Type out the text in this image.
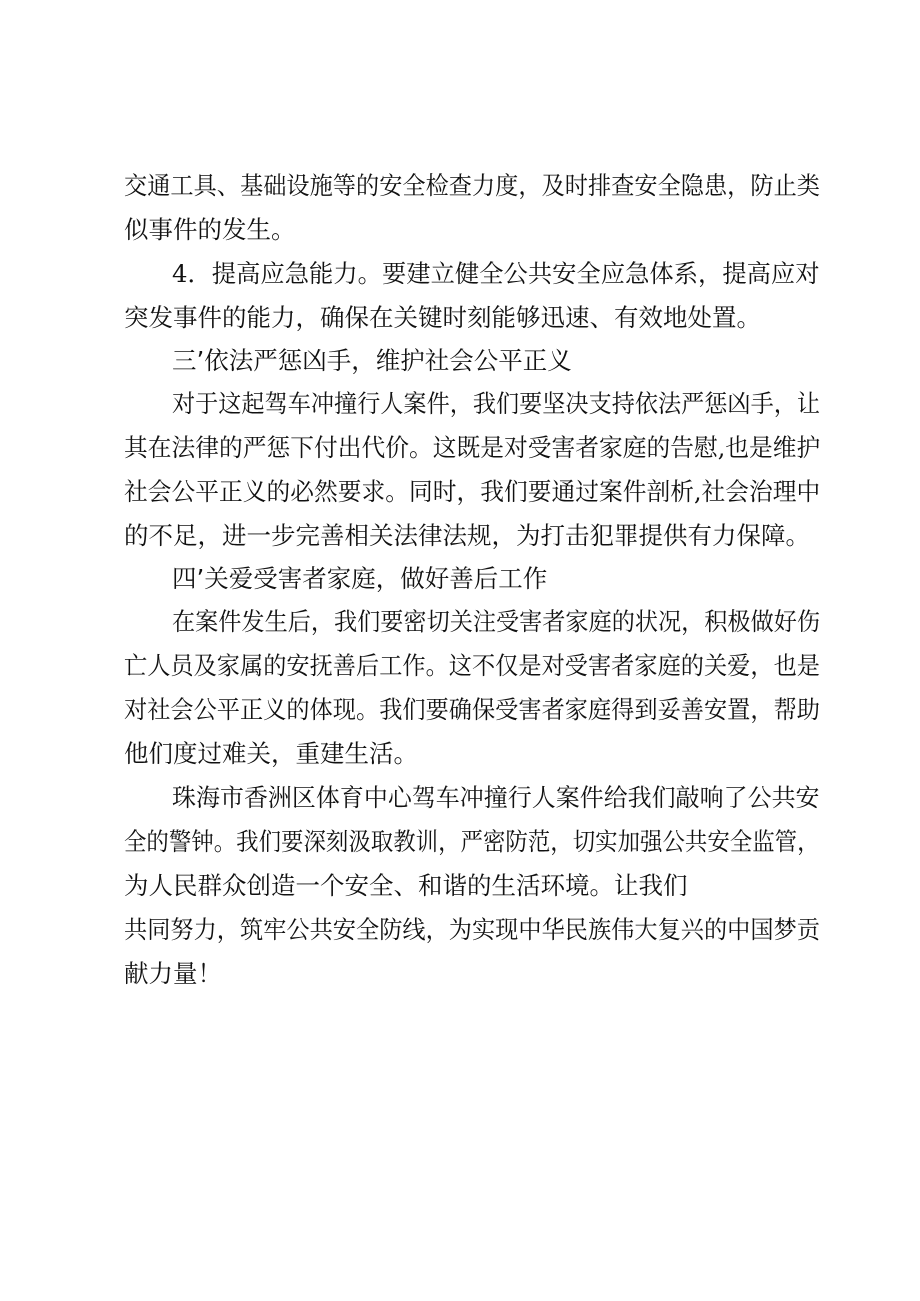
交通工具、基础设施等的安全检查力度，及时排查安全隐患，防止类

似事件的发生。

4．提高应急能力。要建立健全公共安全应急体系，提高应对

突发事件的能力，确保在关键时刻能够迅速、有效地处置。

三’依法严惩凶手，维护社会公平正义

对于这起驾车冲撞行人案件，我们要坚决支持依法严惩凶手，让

其在法律的严惩下付出代价。这既是对受害者家庭的告慰,也是维护

社会公平正义的必然要求。同时，我们要通过案件剖析,社会治理中

的不足，进一步完善相关法律法规，为打击犯罪提供有力保障。

四’关爱受害者家庭，做好善后工作

在案件发生后，我们要密切关注受害者家庭的状况，积极做好伤

亡人员及家属的安抚善后工作。这不仅是对受害者家庭的关爱，也是

对社会公平正义的体现。我们要确保受害者家庭得到妥善安置，帮助

他们度过难关，重建生活。

珠海市香洲区体育中心驾车冲撞行人案件给我们敲响了公共安

全的警钟。我们要深刻汲取教训，严密防范，切实加强公共安全监管，

为人民群众创造一个安全、和谐的生活环境。让我们

共同努力，筑牢公共安全防线，为实现中华民族伟大复兴的中国梦贡

献力量！
